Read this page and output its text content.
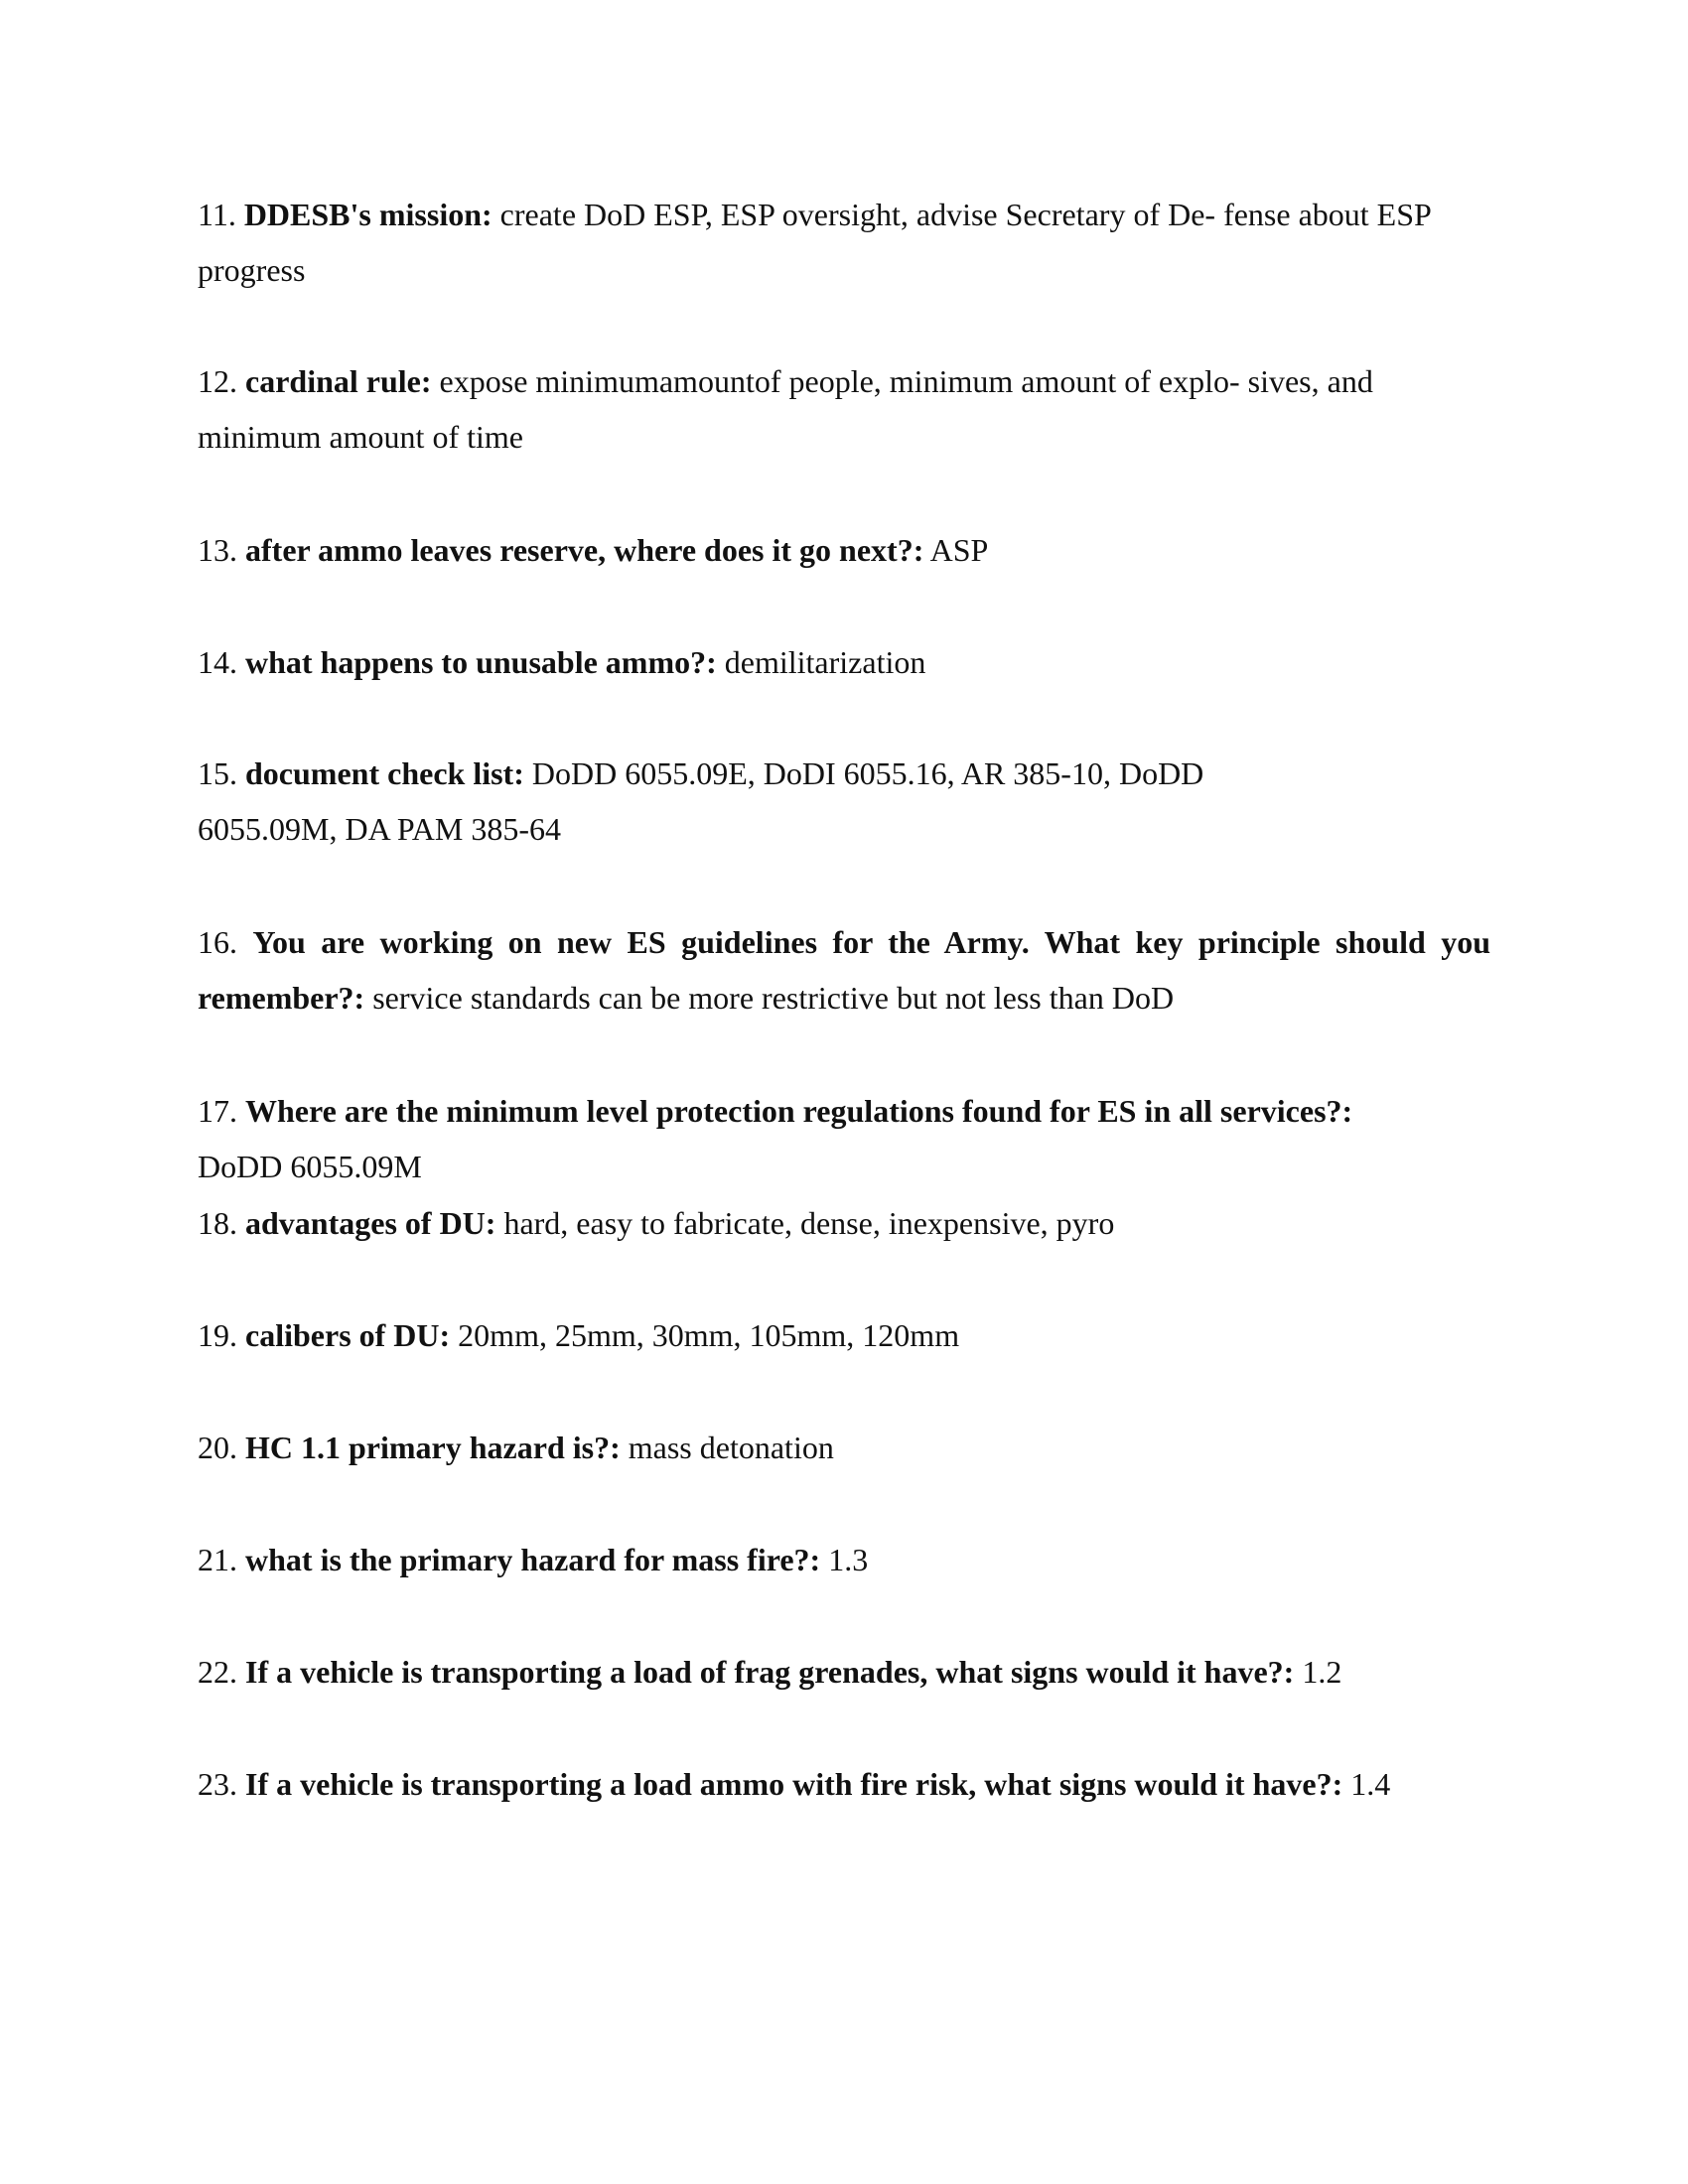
11. DDESB's mission: create DoD ESP, ESP oversight, advise Secretary of De- fense about ESP progress

12. cardinal rule: expose minimumamountof people, minimum amount of explo- sives, and minimum amount of time

13. after ammo leaves reserve, where does it go next?: ASP

14. what happens to unusable ammo?: demilitarization

15. document check list: DoDD 6055.09E, DoDI 6055.16, AR 385-10, DoDD
6055.09M, DA PAM 385-64

16. You are working on new ES guidelines for the Army. What key principle should you remember?: service standards can be more restrictive but not less than DoD

17. Where are the minimum level protection regulations found for ES in all services?:
DoDD 6055.09M

18. advantages of DU: hard, easy to fabricate, dense, inexpensive, pyro

19. calibers of DU: 20mm, 25mm, 30mm, 105mm, 120mm

20. HC 1.1 primary hazard is?: mass detonation

21. what is the primary hazard for mass fire?: 1.3

22. If a vehicle is transporting a load of frag grenades, what signs would it have?: 1.2

23. If a vehicle is transporting a load ammo with fire risk, what signs would it have?: 1.4
